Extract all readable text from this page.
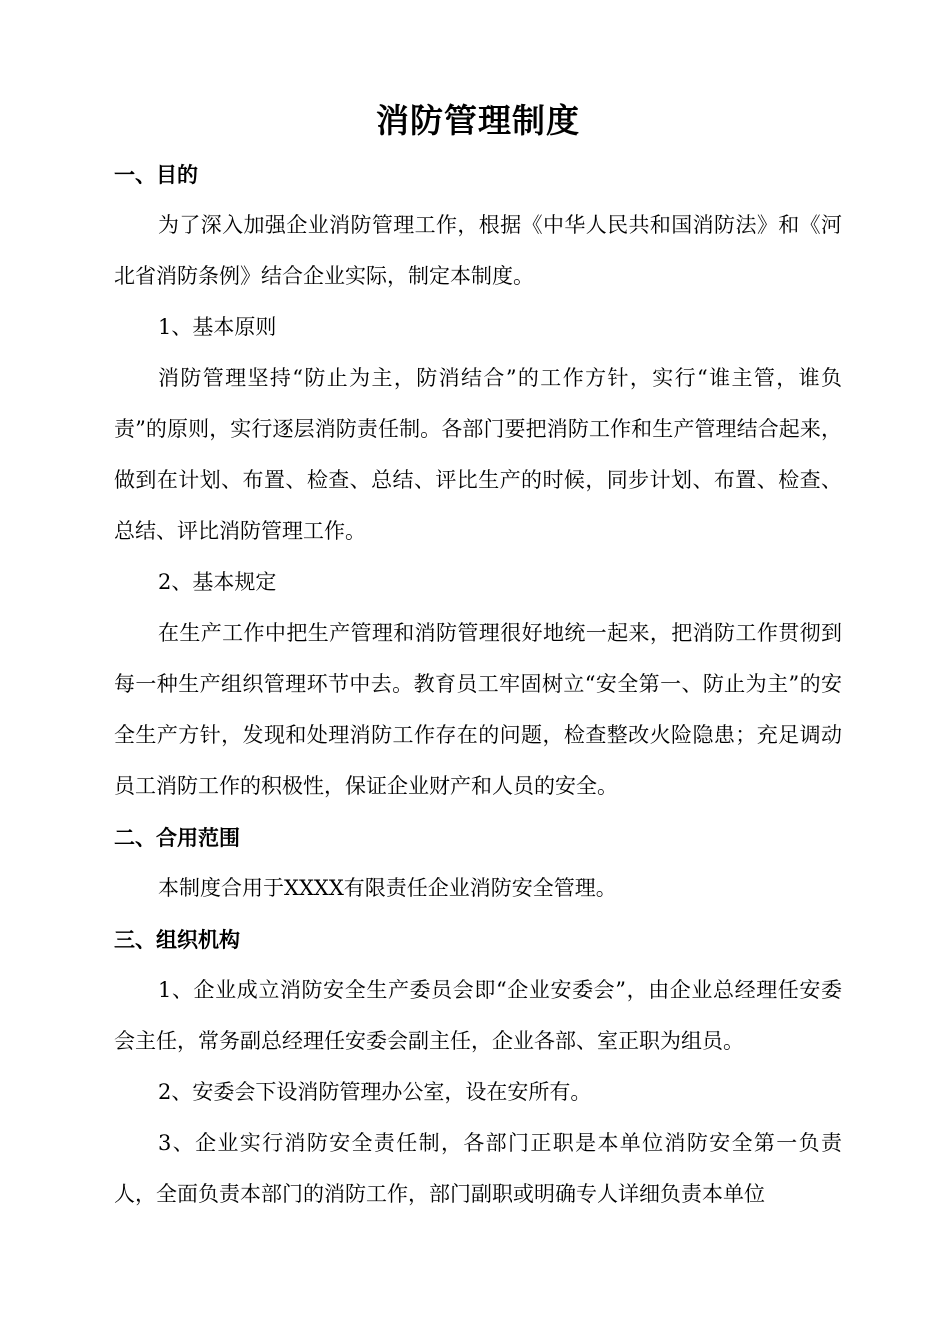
消防管理制度
一、目的

为了深入加强企业消防管理工作，根据《中华人民共和国消防法》和《河北省消防条例》结合企业实际，制定本制度。

1、基本原则

消防管理坚持“防止为主，防消结合”的工作方针，实行“谁主管，谁负责”的原则，实行逐层消防责任制。各部门要把消防工作和生产管理结合起来，做到在计划、布置、检查、总结、评比生产的时候，同步计划、布置、检查、总结、评比消防管理工作。

2、基本规定

在生产工作中把生产管理和消防管理很好地统一起来，把消防工作贯彻到每一种生产组织管理环节中去。教育员工牢固树立“安全第一、防止为主”的安全生产方针，发现和处理消防工作存在的问题，检查整改火险隐患；充足调动员工消防工作的积极性，保证企业财产和人员的安全。

二、合用范围

本制度合用于XXXX有限责任企业消防安全管理。

三、组织机构

1、企业成立消防安全生产委员会即“企业安委会”，由企业总经理任安委会主任，常务副总经理任安委会副主任，企业各部、室正职为组员。

2、安委会下设消防管理办公室，设在安所有。

3、企业实行消防安全责任制，各部门正职是本单位消防安全第一负责人，全面负责本部门的消防工作，部门副职或明确专人详细负责本单位
